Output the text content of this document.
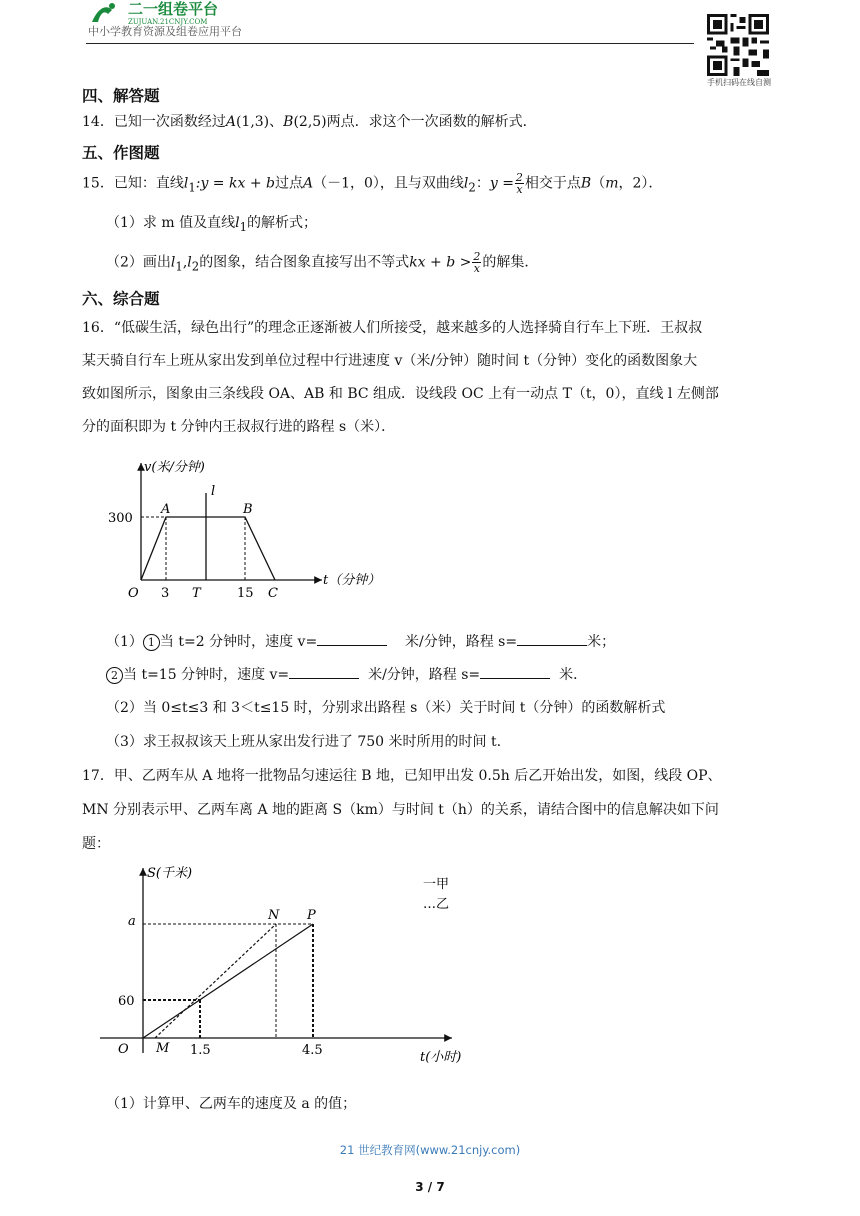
二一组卷平台
ZUJUAN.21CNJY.COM
中小学教育资源及组卷应用平台
手机扫码在线自测
四、解答题
14．已知一次函数经过A(1,3)、B(2,5)两点．求这个一次函数的解析式．
五、作图题
15．已知：直线$l_1:y$ = kx + b过点A（－1，0），且与双曲线$l_2$：$y = \frac{2}{x}$ 相交于点B（m，2）．
（1）求 m 值及直线$l_1$的解析式；
（2）画出$l_1,l_2$的图象，结合图象直接写出不等式kx + $b > \frac{2}{x}$ 的解集．
六、综合题
16．“低碳生活，绿色出行”的理念正逐渐被人们所接受，越来越多的人选择骑自行车上下班．王叔叔
某天骑自行车上班从家出发到单位过程中行进速度 v（米/分钟）随时间 t（分钟）变化的函数图象大
致如图所示，图象由三条线段 OA、AB 和 BC 组成．设线段 OC 上有一动点 T（t，0），直线 l 左侧部
分的面积即为 t 分钟内王叔叔行进的路程 s（米）．
v(米/分钟)
t（分钟）
300
O 3 T	15
A	B
C
l
（1） 1 当 t=2 分钟时，速度 v=	米/分钟，路程 s=	米；
2 当 t=15 分钟时，速度 v=	米/分钟，路程 s=	米．
（2）当 0≤t≤3 和 3＜t≤15 时，分别求出路程 s（米）关于时间 t（分钟）的函数解析式
（3）求王叔叔该天上班从家出发行进了 750 米时所用的时间 t.
17．甲、乙两车从 A 地将一批物品匀速运往 B 地，已知甲出发 0.5h 后乙开始出发，如图，线段 OP、
MN 分别表示甲、乙两车离 A 地的距离 S（km）与时间 t（h）的关系，请结合图中的信息解决如下问
题：
S(千米)
t(小时)
a
60
O M 1.5	4.5
N P
一甲
…乙
（1）计算甲、乙两车的速度及 a 的值；
21 世纪教育网(www.21cnjy.com)
3 / 7
